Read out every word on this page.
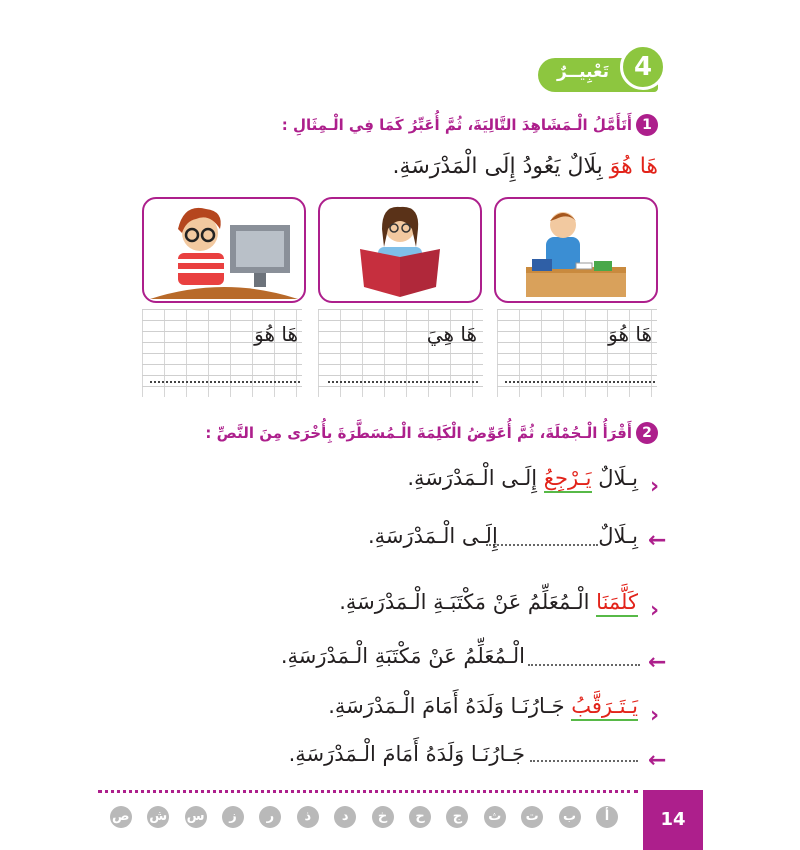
تَعْبِيــرٌ 4
1
أَتَأَمَّلُ الْـمَشَاهِدَ التَّالِيَةَ، ثُمَّ أُعَبِّرُ كَمَا فِي الْـمِثَالِ :
هَا هُوَ بِلَالٌ يَعُودُ إِلَى الْمَدْرَسَةِ.
هَا هُوَ
هَا هِيَ
هَا هُوَ
2
أَقْرَأُ الْـجُمْلَةَ، ثُمَّ أُعَوِّضُ الْكَلِمَةَ الْـمُسَطَّرَةَ بِأُخْرَى مِنَ النَّصِّ :
›
بِـلَالٌ يَـرْجِعُ إِلَـى الْـمَدْرَسَةِ.
←
بِـلَالٌ
إِلَـى الْـمَدْرَسَةِ.
›
كَلَّمَنَا الْـمُعَلِّمُ عَنْ مَكْتَبَـةِ الْـمَدْرَسَةِ.
←
الْـمُعَلِّمُ عَنْ مَكْتَبَةِ الْـمَدْرَسَةِ.
›
يَـتَـرَقَّبُ جَـارُنَـا وَلَدَهُ أَمَامَ الْـمَدْرَسَةِ.
←
جَـارُنَـا وَلَدَهُ أَمَامَ الْـمَدْرَسَةِ.
14
أ
ب
ت
ث
ج
ح
خ
د
ذ
ر
ز
س
ش
ص
